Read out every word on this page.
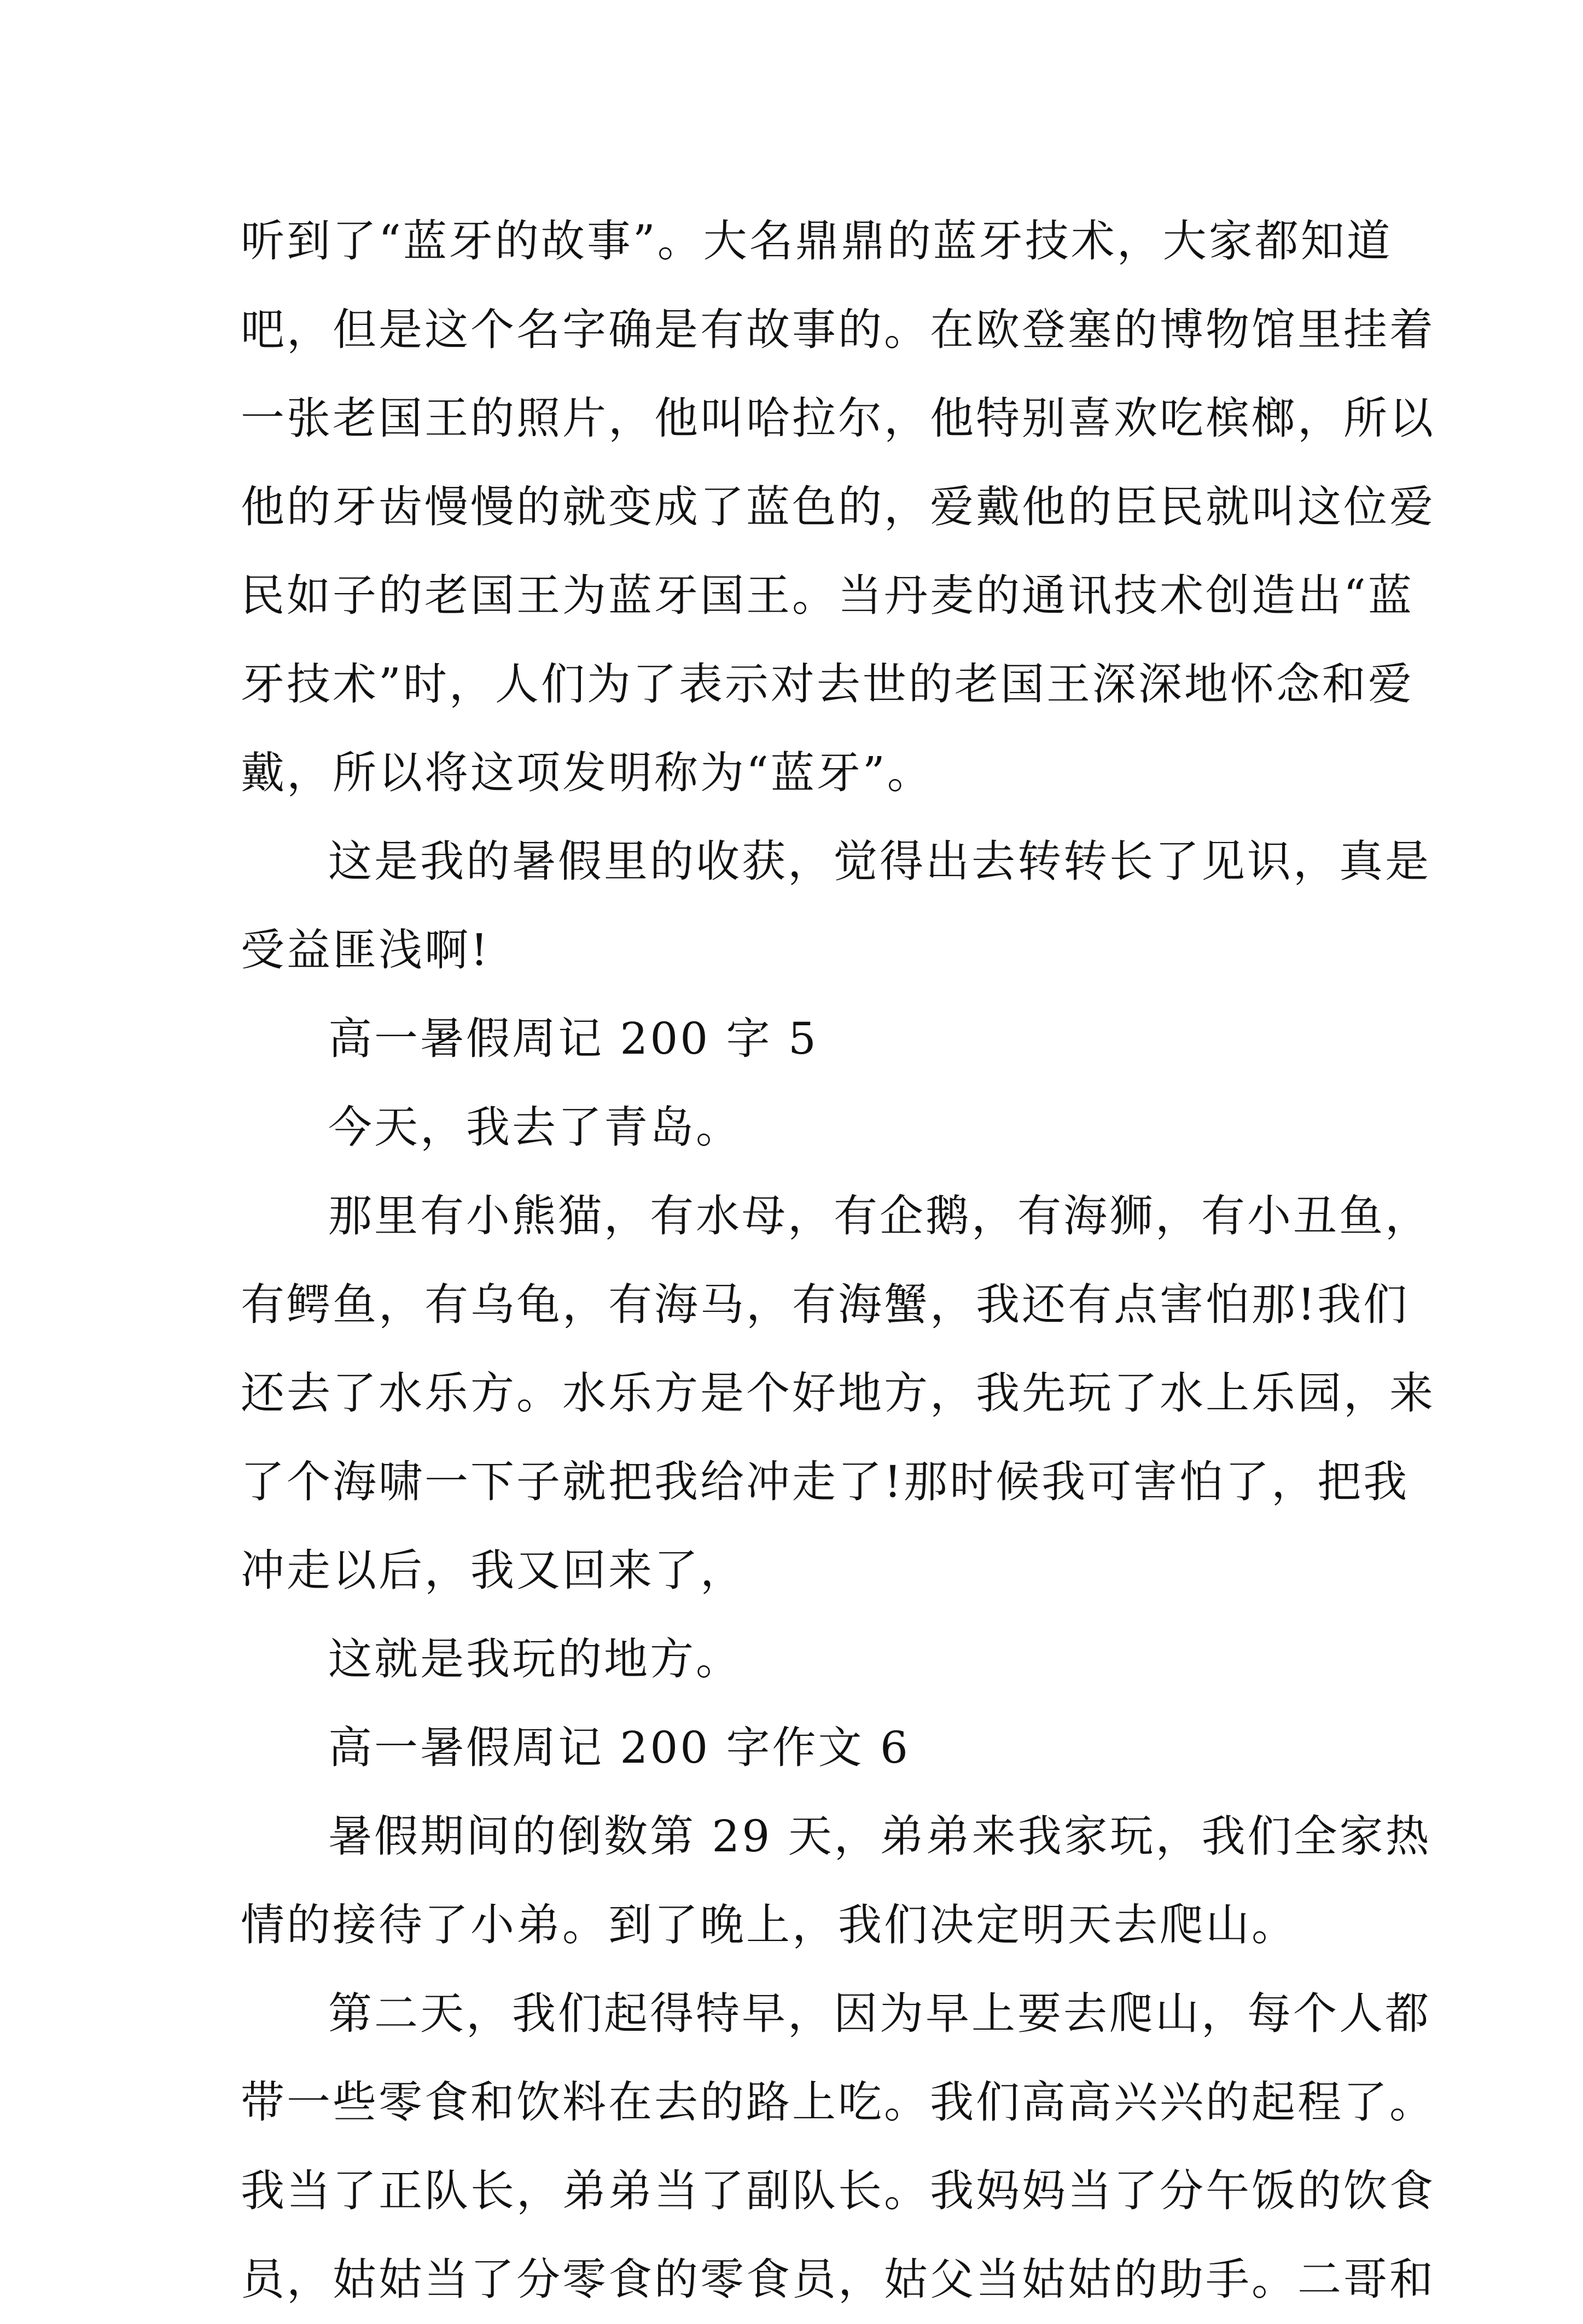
听到了“蓝牙的故事”。大名鼎鼎的蓝牙技术，大家都知道
吧，但是这个名字确是有故事的。在欧登塞的博物馆里挂着
一张老国王的照片，他叫哈拉尔，他特别喜欢吃槟榔，所以
他的牙齿慢慢的就变成了蓝色的，爱戴他的臣民就叫这位爱
民如子的老国王为蓝牙国王。当丹麦的通讯技术创造出“蓝
牙技术”时，人们为了表示对去世的老国王深深地怀念和爱
戴，所以将这项发明称为“蓝牙”。
这是我的暑假里的收获，觉得出去转转长了见识，真是
受益匪浅啊!
高一暑假周记 200 字 5
今天，我去了青岛。
那里有小熊猫，有水母，有企鹅，有海狮，有小丑鱼，
有鳄鱼，有乌龟，有海马，有海蟹，我还有点害怕那!我们
还去了水乐方。水乐方是个好地方，我先玩了水上乐园，来
了个海啸一下子就把我给冲走了!那时候我可害怕了，把我
冲走以后，我又回来了，
这就是我玩的地方。
高一暑假周记 200 字作文 6
暑假期间的倒数第 29 天，弟弟来我家玩，我们全家热
情的接待了小弟。到了晚上，我们决定明天去爬山。
第二天，我们起得特早，因为早上要去爬山，每个人都
带一些零食和饮料在去的路上吃。我们高高兴兴的起程了。
我当了正队长，弟弟当了副队长。我妈妈当了分午饭的饮食
员，姑姑当了分零食的零食员，姑父当姑姑的助手。二哥和
